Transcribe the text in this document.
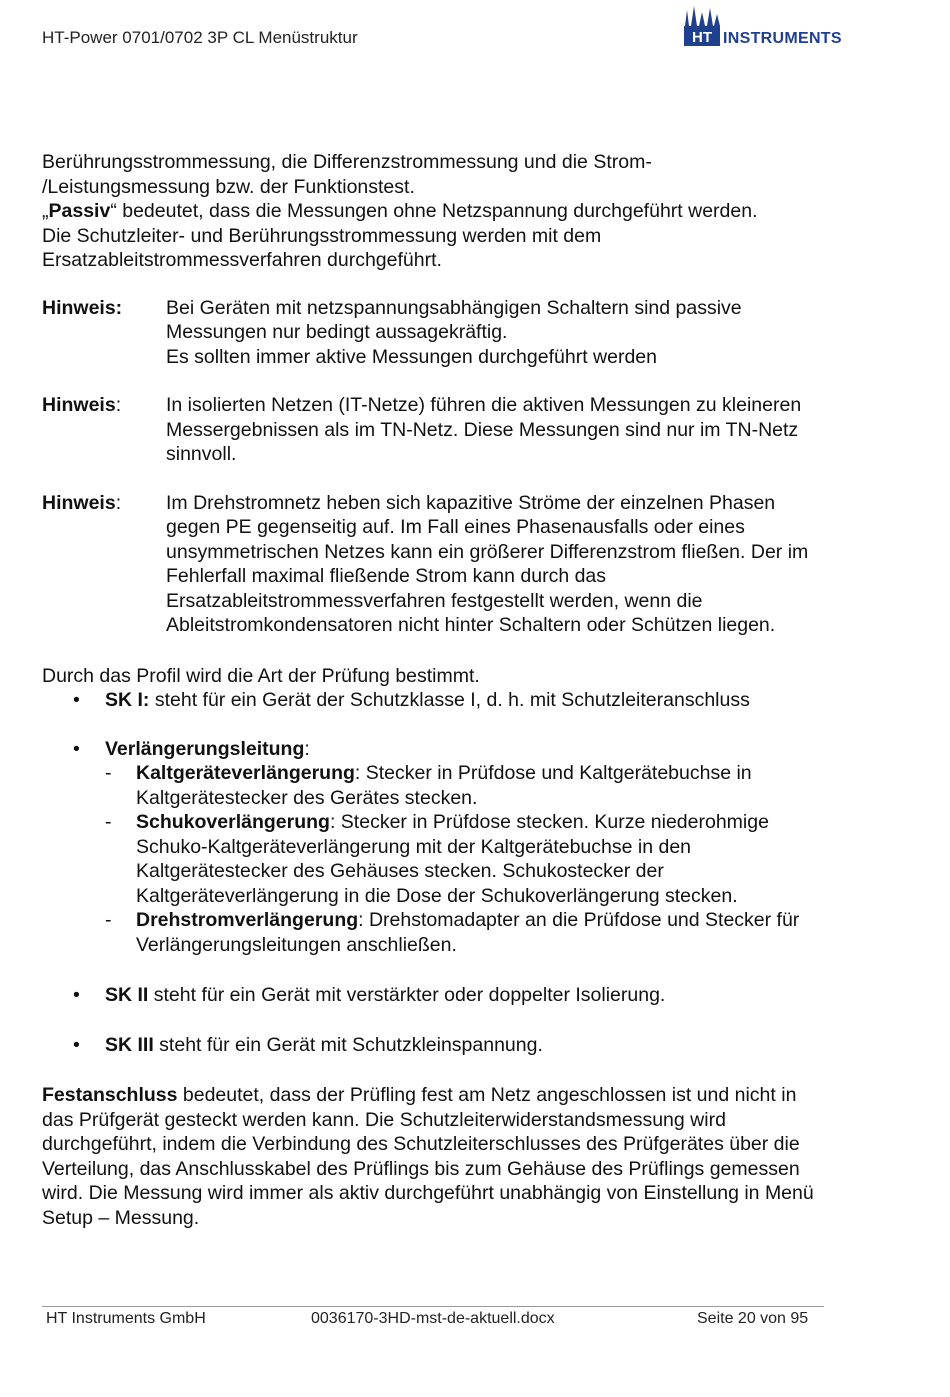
HT-Power 0701/0702 3P CL Menüstruktur	HT INSTRUMENTS

Berührungsstrommessung, die Differenzstrommessung und die Strom-

/Leistungsmessung bzw. der Funktionstest.

„Passiv“ bedeutet, dass die Messungen ohne Netzspannung durchgeführt werden.

Die Schutzleiter- und Berührungsstrommessung werden mit dem

Ersatzableitstrommessverfahren durchgeführt.

Hinweis:	Bei Geräten mit netzspannungsabhängigen Schaltern sind passive

Messungen nur bedingt aussagekräftig.

Es sollten immer aktive Messungen durchgeführt werden

Hinweis:	In isolierten Netzen (IT-Netze) führen die aktiven Messungen zu kleineren

Messergebnissen als im TN-Netz. Diese Messungen sind nur im TN-Netz

sinnvoll.

Hinweis:	Im Drehstromnetz heben sich kapazitive Ströme der einzelnen Phasen

gegen PE gegenseitig auf. Im Fall eines Phasenausfalls oder eines

unsymmetrischen Netzes kann ein größerer Differenzstrom fließen. Der im

Fehlerfall maximal fließende Strom kann durch das

Ersatzableitstrommessverfahren festgestellt werden, wenn die

Ableitstromkondensatoren nicht hinter Schaltern oder Schützen liegen.

Durch das Profil wird die Art der Prüfung bestimmt.

• SK I: steht für ein Gerät der Schutzklasse I, d. h. mit Schutzleiteranschluss
• Verlängerungsleitung:
- Kaltgeräteverlängerung: Stecker in Prüfdose und Kaltgerätebuchse in

Kaltgerätestecker des Gerätes stecken.

- Schukoverlängerung: Stecker in Prüfdose stecken. Kurze niederohmige

Schuko-Kaltgeräteverlängerung mit der Kaltgerätebuchse in den

Kaltgerätestecker des Gehäuses stecken. Schukostecker der

Kaltgeräteverlängerung in die Dose der Schukoverlängerung stecken.

- Drehstromverlängerung: Drehstomadapter an die Prüfdose und Stecker für

Verlängerungsleitungen anschließen.

• SK II steht für ein Gerät mit verstärkter oder doppelter Isolierung.
• SK III steht für ein Gerät mit Schutzkleinspannung.

Festanschluss bedeutet, dass der Prüfling fest am Netz angeschlossen ist und nicht in

das Prüfgerät gesteckt werden kann. Die Schutzleiterwiderstandsmessung wird

durchgeführt, indem die Verbindung des Schutzleiterschlusses des Prüfgerätes über die

Verteilung, das Anschlusskabel des Prüflings bis zum Gehäuse des Prüflings gemessen

wird. Die Messung wird immer als aktiv durchgeführt unabhängig von Einstellung in Menü

Setup – Messung.

HT Instruments GmbH	0036170-3HD-mst-de-aktuell.docx	Seite 20 von 95
